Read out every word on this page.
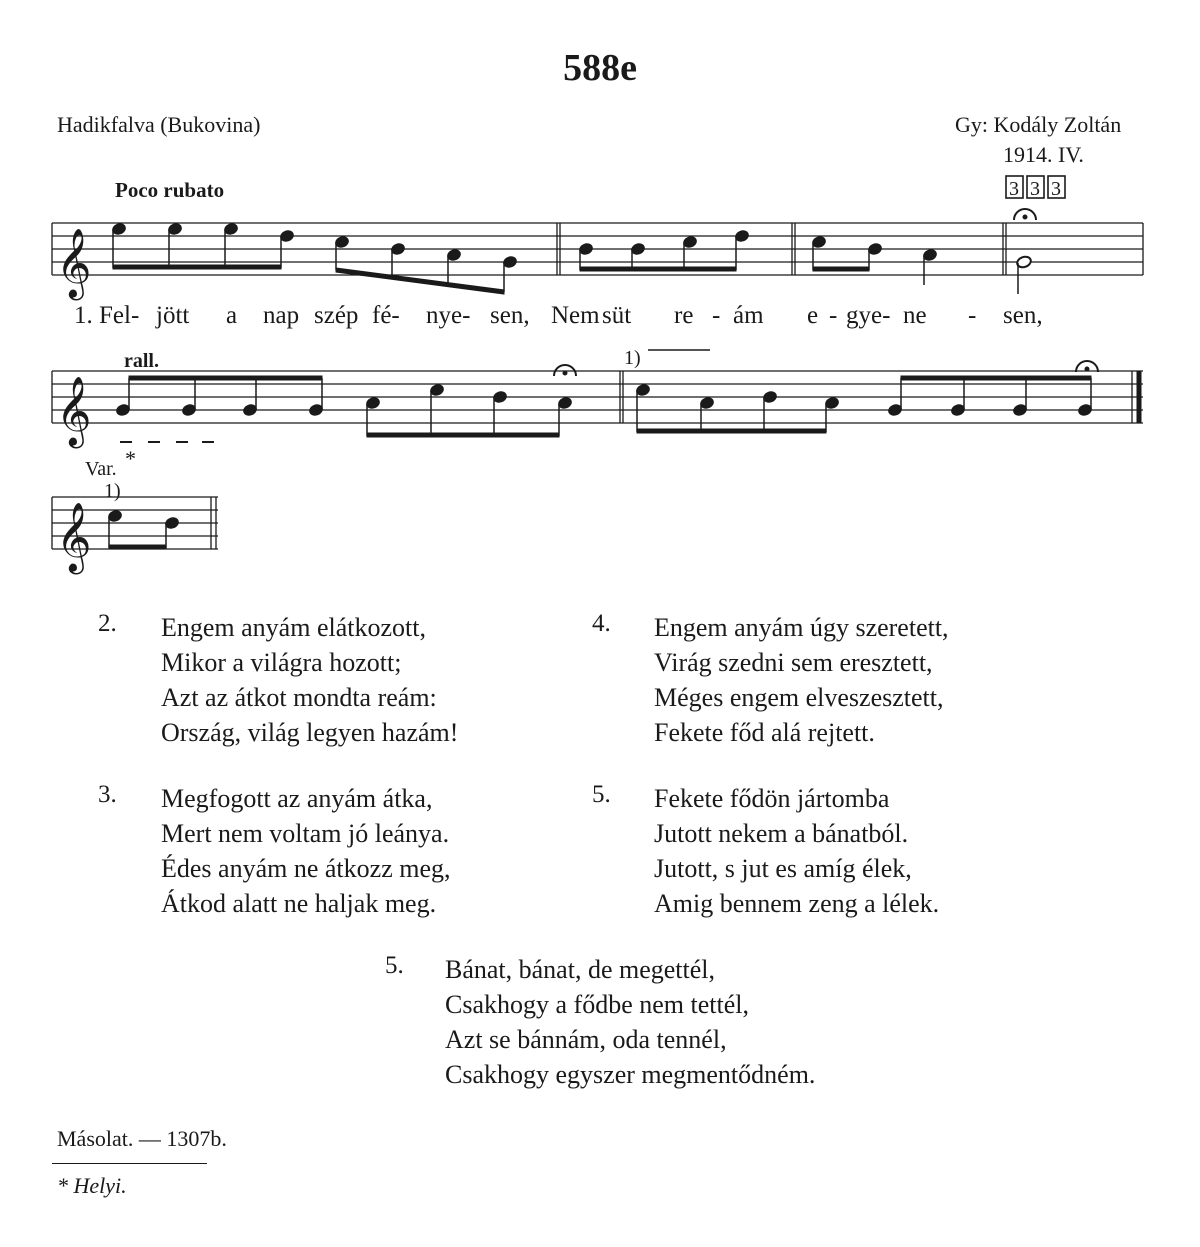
588e
Hadikfalva (Bukovina)	Gy: Kodály Zoltán
1914. IV.
Poco rubato
𝄞
𝄞
𝄞
3 3 3
rall.	1)
Var. *
1)
1. Fel- jött a nap szép fé- nye- sen, Nem süt re - ám e - gye- ne - sen,
2. Engem anyám elátkozott,
Mikor a világra hozott;
Azt az átkot mondta reám:
Ország, világ legyen hazám!
4. Engem anyám úgy szeretett,
Virág szedni sem eresztett,
Méges engem elveszesztett,
Fekete főd alá rejtett.
3. Megfogott az anyám átka,
Mert nem voltam jó leánya.
Édes anyám ne átkozz meg,
Átkod alatt ne haljak meg.
5. Fekete fődön jártomba
Jutott nekem a bánatból.
Jutott, s jut es amíg élek,
Amig bennem zeng a lélek.
5. Bánat, bánat, de megettél,
Csakhogy a fődbe nem tettél,
Azt se bánnám, oda tennél,
Csakhogy egyszer megmentődném.
Másolat. — 1307b.
* Helyi.
